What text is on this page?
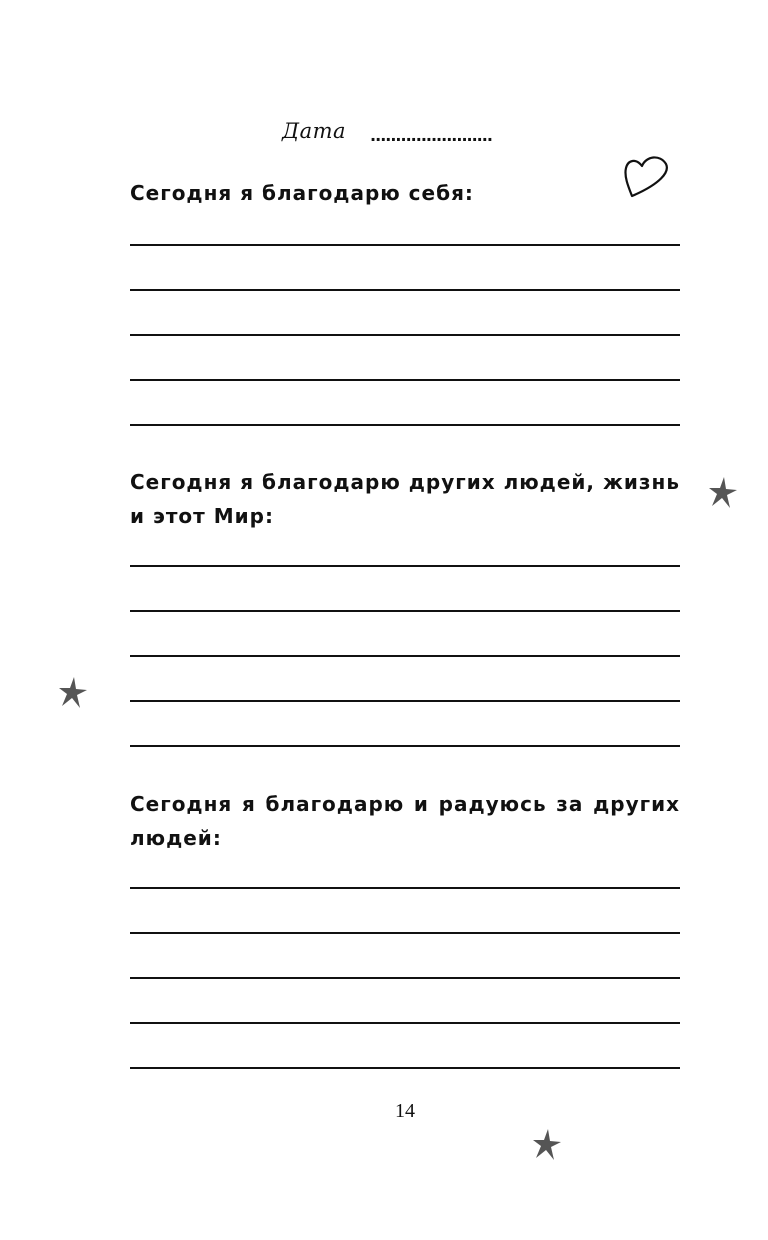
Дата ........................

Сегодня я благодарю себя:

Сегодня я благодарю других людей, жизнь и этот Мир:

Сегодня я благодарю и радуюсь за других людей:

14
